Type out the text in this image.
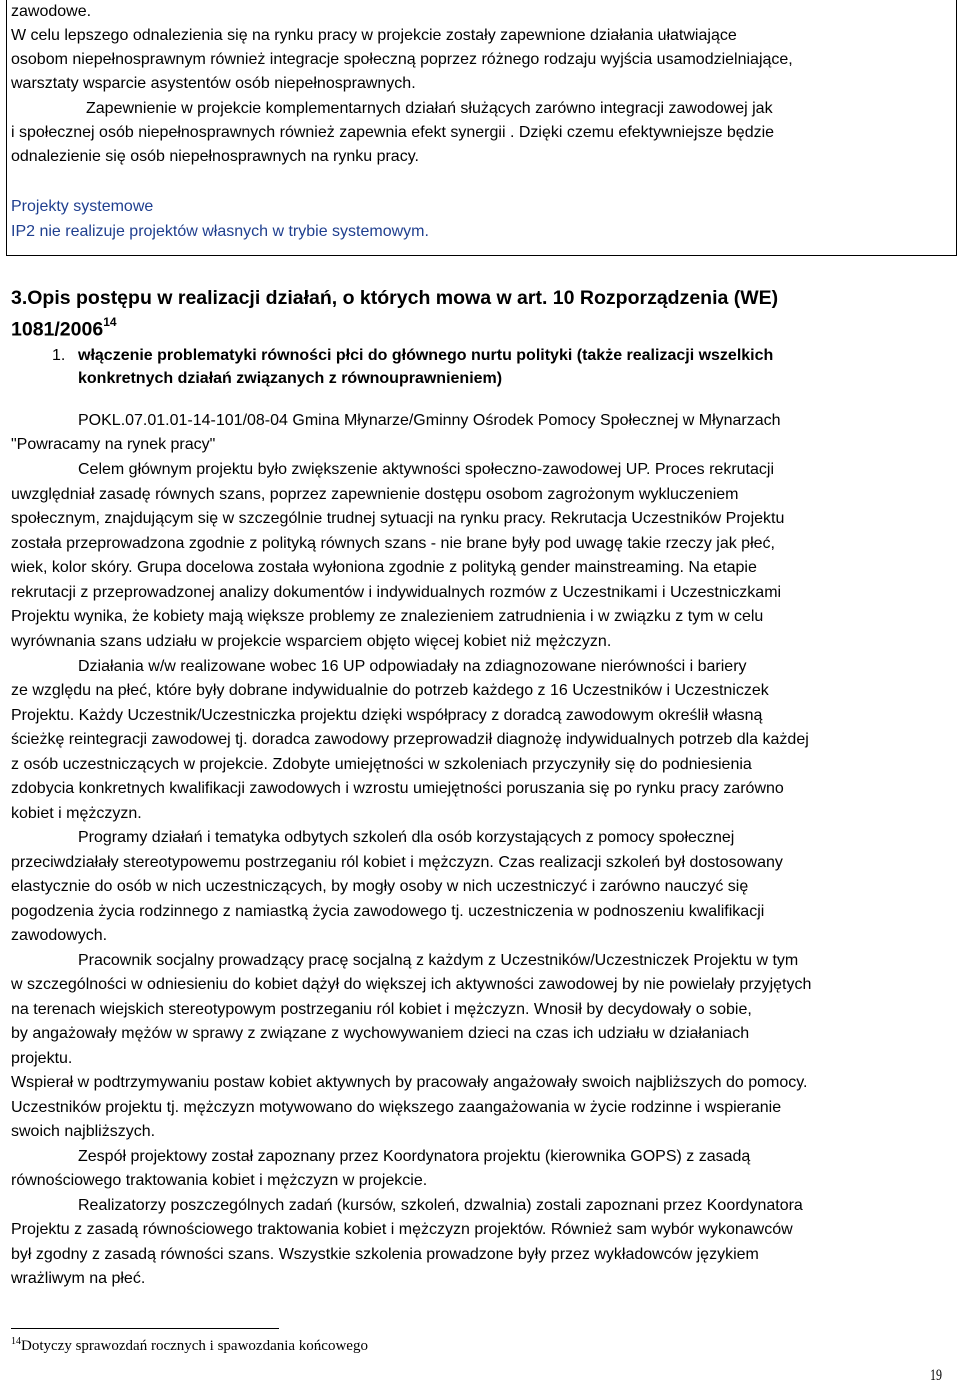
zawodowe.
W celu lepszego odnalezienia się na rynku pracy w projekcie zostały zapewnione działania ułatwiające
osobom niepełnosprawnym również integracje społeczną poprzez różnego rodzaju wyjścia usamodzielniające,
warsztaty wsparcie asystentów osób niepełnosprawnych.
Zapewnienie w projekcie komplementarnych działań służących zarówno integracji zawodowej jak
i społecznej osób niepełnosprawnych również zapewnia efekt synergii . Dzięki czemu efektywniejsze będzie
odnalezienie się osób niepełnosprawnych na rynku pracy.
Projekty systemowe
IP2 nie realizuje projektów własnych w trybie systemowym.
3.Opis postępu w realizacji działań, o których mowa w art. 10 Rozporządzenia (WE)
1081/2006$^{14}$
1. włączenie problematyki równości płci do głównego nurtu polityki (także realizacji wszelkich
konkretnych działań związanych z równouprawnieniem)
POKL.07.01.01-14-101/08-04 Gmina Młynarze/Gminny Ośrodek Pomocy Społecznej w Młynarzach
"Powracamy na rynek pracy"
Celem głównym projektu było zwiększenie aktywności społeczno-zawodowej UP. Proces rekrutacji
uwzględniał zasadę równych szans, poprzez zapewnienie dostępu osobom zagrożonym wykluczeniem
społecznym, znajdującym się w szczególnie trudnej sytuacji na rynku pracy. Rekrutacja Uczestników Projektu
została przeprowadzona zgodnie z polityką równych szans - nie brane były pod uwagę takie rzeczy jak płeć,
wiek, kolor skóry. Grupa docelowa została wyłoniona zgodnie z polityką gender mainstreaming. Na etapie
rekrutacji z przeprowadzonej analizy dokumentów i indywidualnych rozmów z Uczestnikami i Uczestniczkami
Projektu wynika, że kobiety mają większe problemy ze znalezieniem zatrudnienia i w związku z tym w celu
wyrównania szans udziału w projekcie wsparciem objęto więcej kobiet niż mężczyzn.
Działania w/w realizowane wobec 16 UP odpowiadały na zdiagnozowane nierówności i bariery
ze względu na płeć, które były dobrane indywidualnie do potrzeb każdego z 16 Uczestników i Uczestniczek
Projektu. Każdy Uczestnik/Uczestniczka projektu dzięki współpracy z doradcą zawodowym określił własną
ścieżkę reintegracji zawodowej tj. doradca zawodowy przeprowadził diagnożę indywidualnych potrzeb dla każdej
z osób uczestniczących w projekcie. Zdobyte umiejętności w szkoleniach przyczyniły się do podniesienia
zdobycia konkretnych kwalifikacji zawodowych i wzrostu umiejętności poruszania się po rynku pracy zarówno
kobiet i mężczyzn.
Programy działań i tematyka odbytych szkoleń dla osób korzystających z pomocy społecznej
przeciwdziałały stereotypowemu postrzeganiu ról kobiet i mężczyzn. Czas realizacji szkoleń był dostosowany
elastycznie do osób w nich uczestniczących, by mogły osoby w nich uczestniczyć i zarówno nauczyć się
pogodzenia życia rodzinnego z namiastką życia zawodowego tj. uczestniczenia w podnoszeniu kwalifikacji
zawodowych.
Pracownik socjalny prowadzący pracę socjalną z każdym z Uczestników/Uczestniczek Projektu w tym
w szczególności w odniesieniu do kobiet dążył do większej ich aktywności zawodowej by nie powielały przyjętych
na terenach wiejskich stereotypowym postrzeganiu ról kobiet i mężczyzn. Wnosił by decydowały o sobie,
by angażowały mężów w sprawy z związane z wychowywaniem dzieci na czas ich udziału w działaniach
projektu.
Wspierał w podtrzymywaniu postaw kobiet aktywnych by pracowały angażowały swoich najbliższych do pomocy.
Uczestników projektu tj. mężczyzn motywowano do większego zaangażowania w życie rodzinne i wspieranie
swoich najbliższych.
Zespół projektowy został zapoznany przez Koordynatora projektu (kierownika GOPS) z zasadą
równościowego traktowania kobiet i mężczyzn w projekcie.
Realizatorzy poszczególnych zadań (kursów, szkoleń, dzwalnia) zostali zapoznani przez Koordynatora
Projektu z zasadą równościowego traktowania kobiet i mężczyzn projektów. Również sam wybór wykonawców
był zgodny z zasadą równości szans. Wszystkie szkolenia prowadzone były przez wykładowców językiem
wrażliwym na płeć.
$^{14}$Dotyczy sprawozdań rocznych i spawozdania końcowego
19
